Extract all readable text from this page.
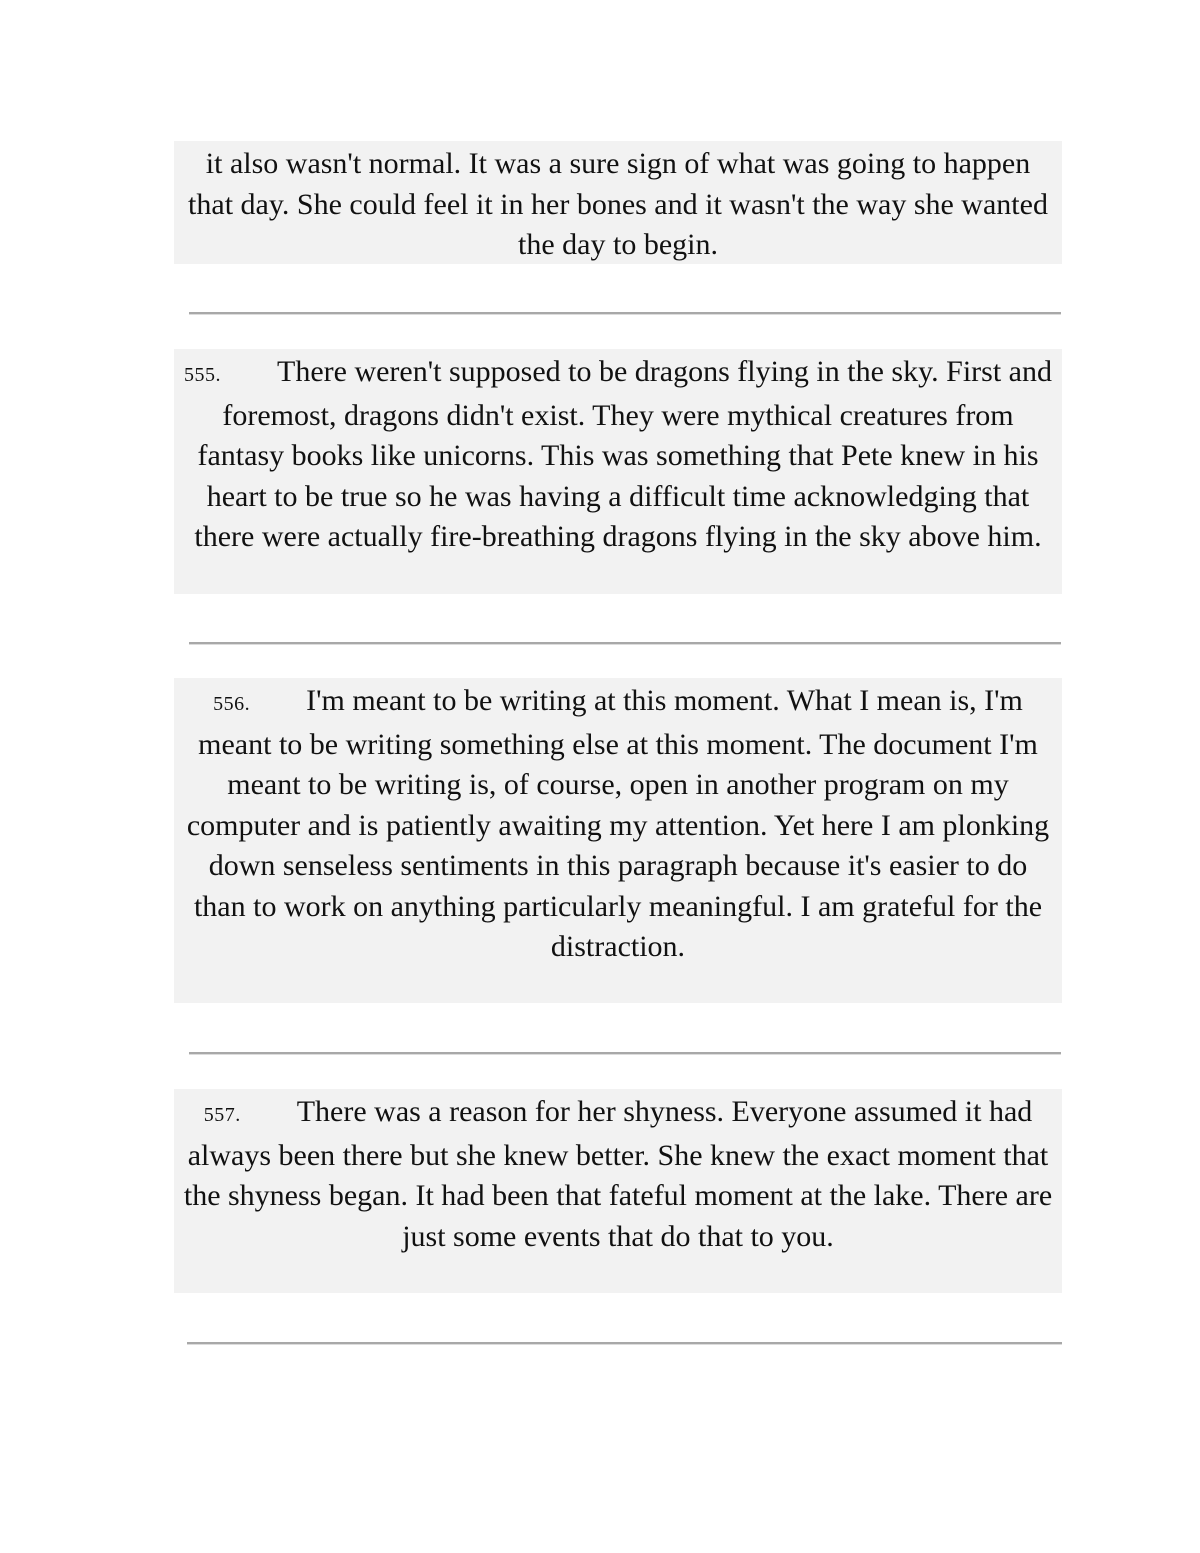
it also wasn't normal. It was a sure sign of what was going to happen that day. She could feel it in her bones and it wasn't the way she wanted the day to begin.
555. There weren't supposed to be dragons flying in the sky. First and foremost, dragons didn't exist. They were mythical creatures from fantasy books like unicorns. This was something that Pete knew in his heart to be true so he was having a difficult time acknowledging that there were actually fire-breathing dragons flying in the sky above him.
556. I'm meant to be writing at this moment. What I mean is, I'm meant to be writing something else at this moment. The document I'm meant to be writing is, of course, open in another program on my computer and is patiently awaiting my attention. Yet here I am plonking down senseless sentiments in this paragraph because it's easier to do than to work on anything particularly meaningful. I am grateful for the distraction.
557. There was a reason for her shyness. Everyone assumed it had always been there but she knew better. She knew the exact moment that the shyness began. It had been that fateful moment at the lake. There are just some events that do that to you.
